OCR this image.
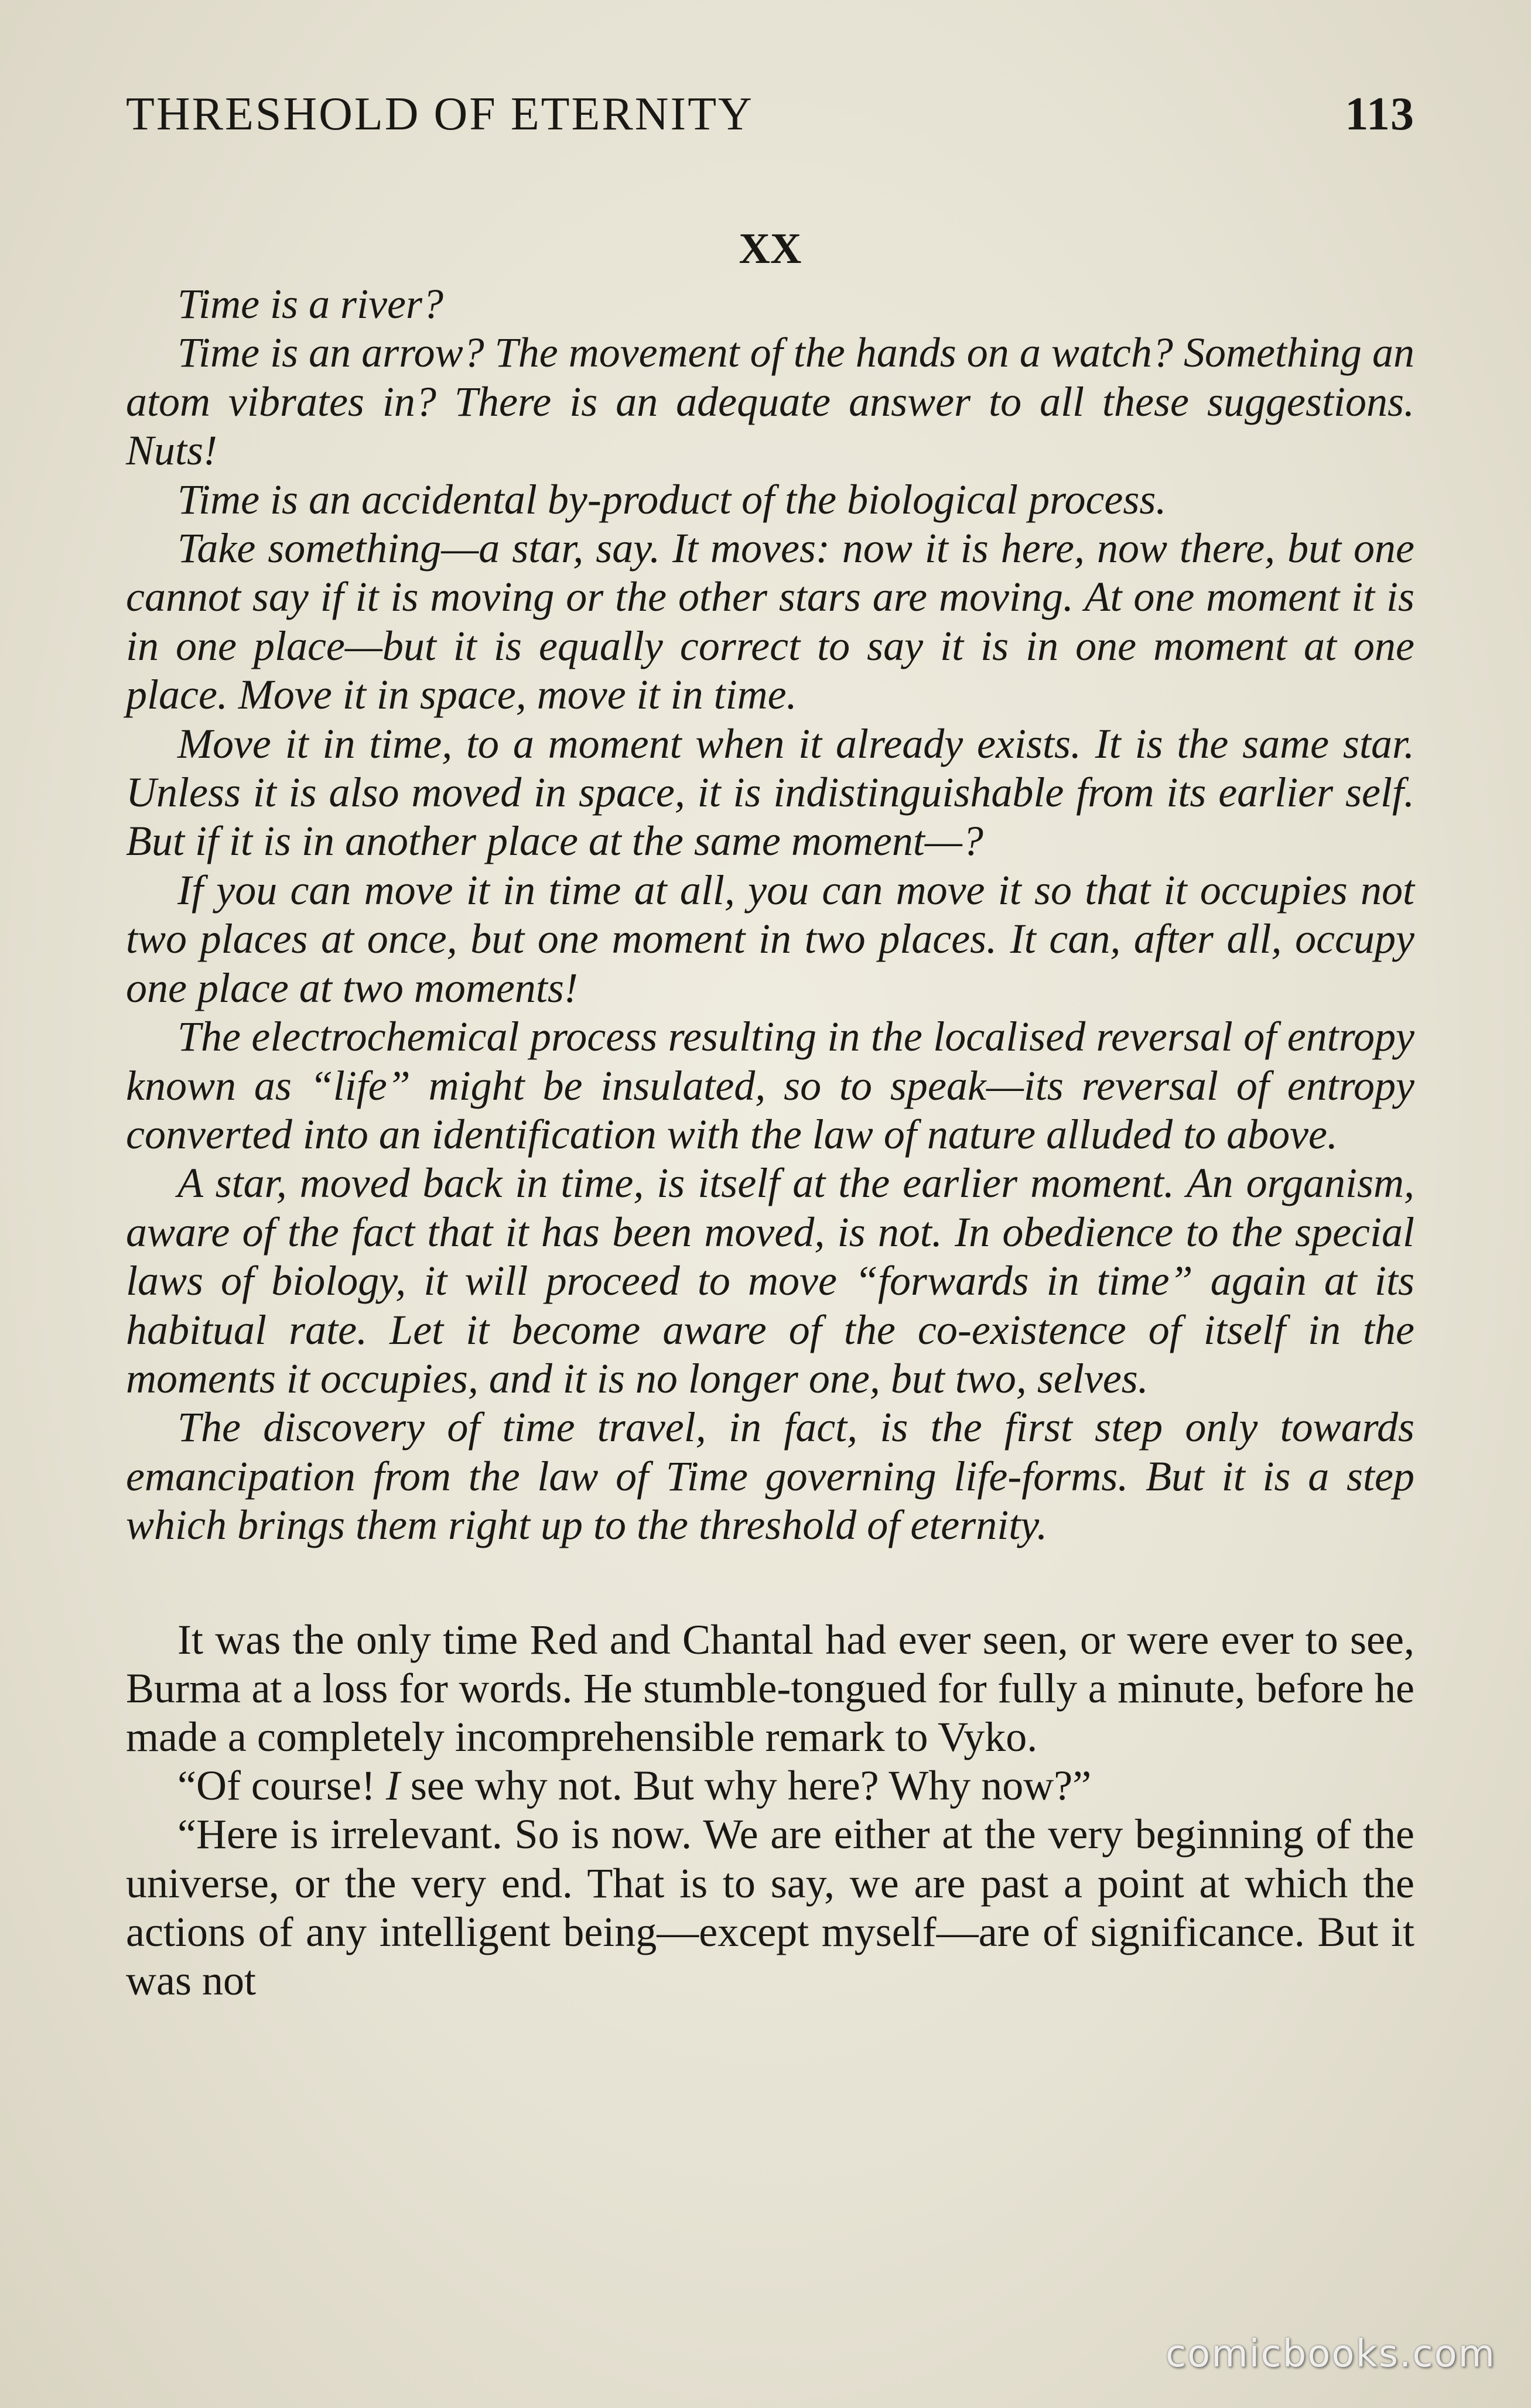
THRESHOLD OF ETERNITY	113
XX

Time is a river?

Time is an arrow? The movement of the hands on a watch? Something an atom vibrates in? There is an adequate answer to all these suggestions. Nuts!

Time is an accidental by-product of the biological process.

Take something—a star, say. It moves: now it is here, now there, but one cannot say if it is moving or the other stars are moving. At one moment it is in one place—but it is equally correct to say it is in one moment at one place. Move it in space, move it in time.

Move it in time, to a moment when it already exists. It is the same star. Unless it is also moved in space, it is indistinguishable from its earlier self. But if it is in another place at the same moment—?

If you can move it in time at all, you can move it so that it occupies not two places at once, but one moment in two places. It can, after all, occupy one place at two moments!

The electrochemical process resulting in the localised reversal of entropy known as “life” might be insulated, so to speak—its reversal of entropy converted into an identification with the law of nature alluded to above.

A star, moved back in time, is itself at the earlier moment. An organism, aware of the fact that it has been moved, is not. In obedience to the special laws of biology, it will proceed to move “forwards in time” again at its habitual rate. Let it become aware of the co-existence of itself in the moments it occupies, and it is no longer one, but two, selves.

The discovery of time travel, in fact, is the first step only towards emancipation from the law of Time governing life-forms. But it is a step which brings them right up to the threshold of eternity.

It was the only time Red and Chantal had ever seen, or were ever to see, Burma at a loss for words. He stumble-tongued for fully a minute, before he made a completely incomprehensible remark to Vyko.

“Of course! I see why not. But why here? Why now?”

“Here is irrelevant. So is now. We are either at the very beginning of the universe, or the very end. That is to say, we are past a point at which the actions of any intelligent being—except myself—are of significance. But it was not

comicbooks.com
